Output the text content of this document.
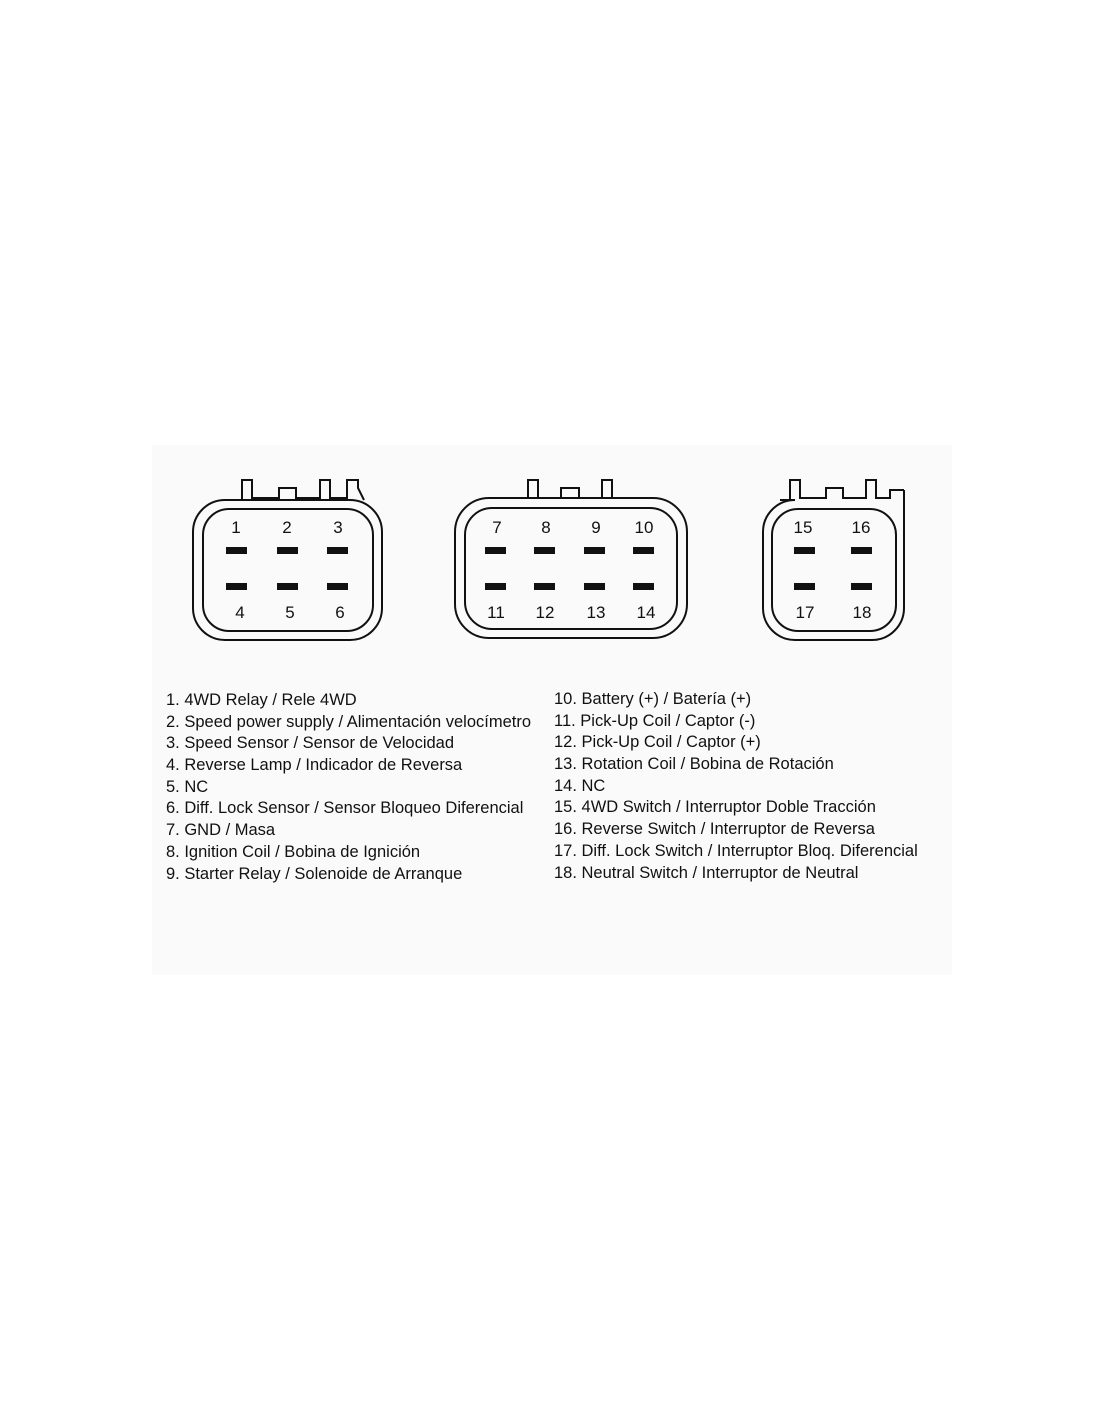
1 2 3
4 5 6
7 8 9 10
11 12 13 14
15 16
17 18
1. 4WD Relay / Rele 4WD
2. Speed power supply / Alimentación velocímetro
3. Speed Sensor / Sensor de Velocidad
4. Reverse Lamp / Indicador de Reversa
5. NC
6. Diff. Lock Sensor / Sensor Bloqueo Diferencial
7. GND / Masa
8. Ignition Coil / Bobina de Ignición
9. Starter Relay / Solenoide de Arranque
10. Battery (+) / Batería (+)
11. Pick-Up Coil / Captor (-)
12. Pick-Up Coil / Captor (+)
13. Rotation Coil / Bobina de Rotación
14. NC
15. 4WD Switch / Interruptor Doble Tracción
16. Reverse Switch / Interruptor de Reversa
17. Diff. Lock Switch / Interruptor Bloq. Diferencial
18. Neutral Switch / Interruptor de Neutral
